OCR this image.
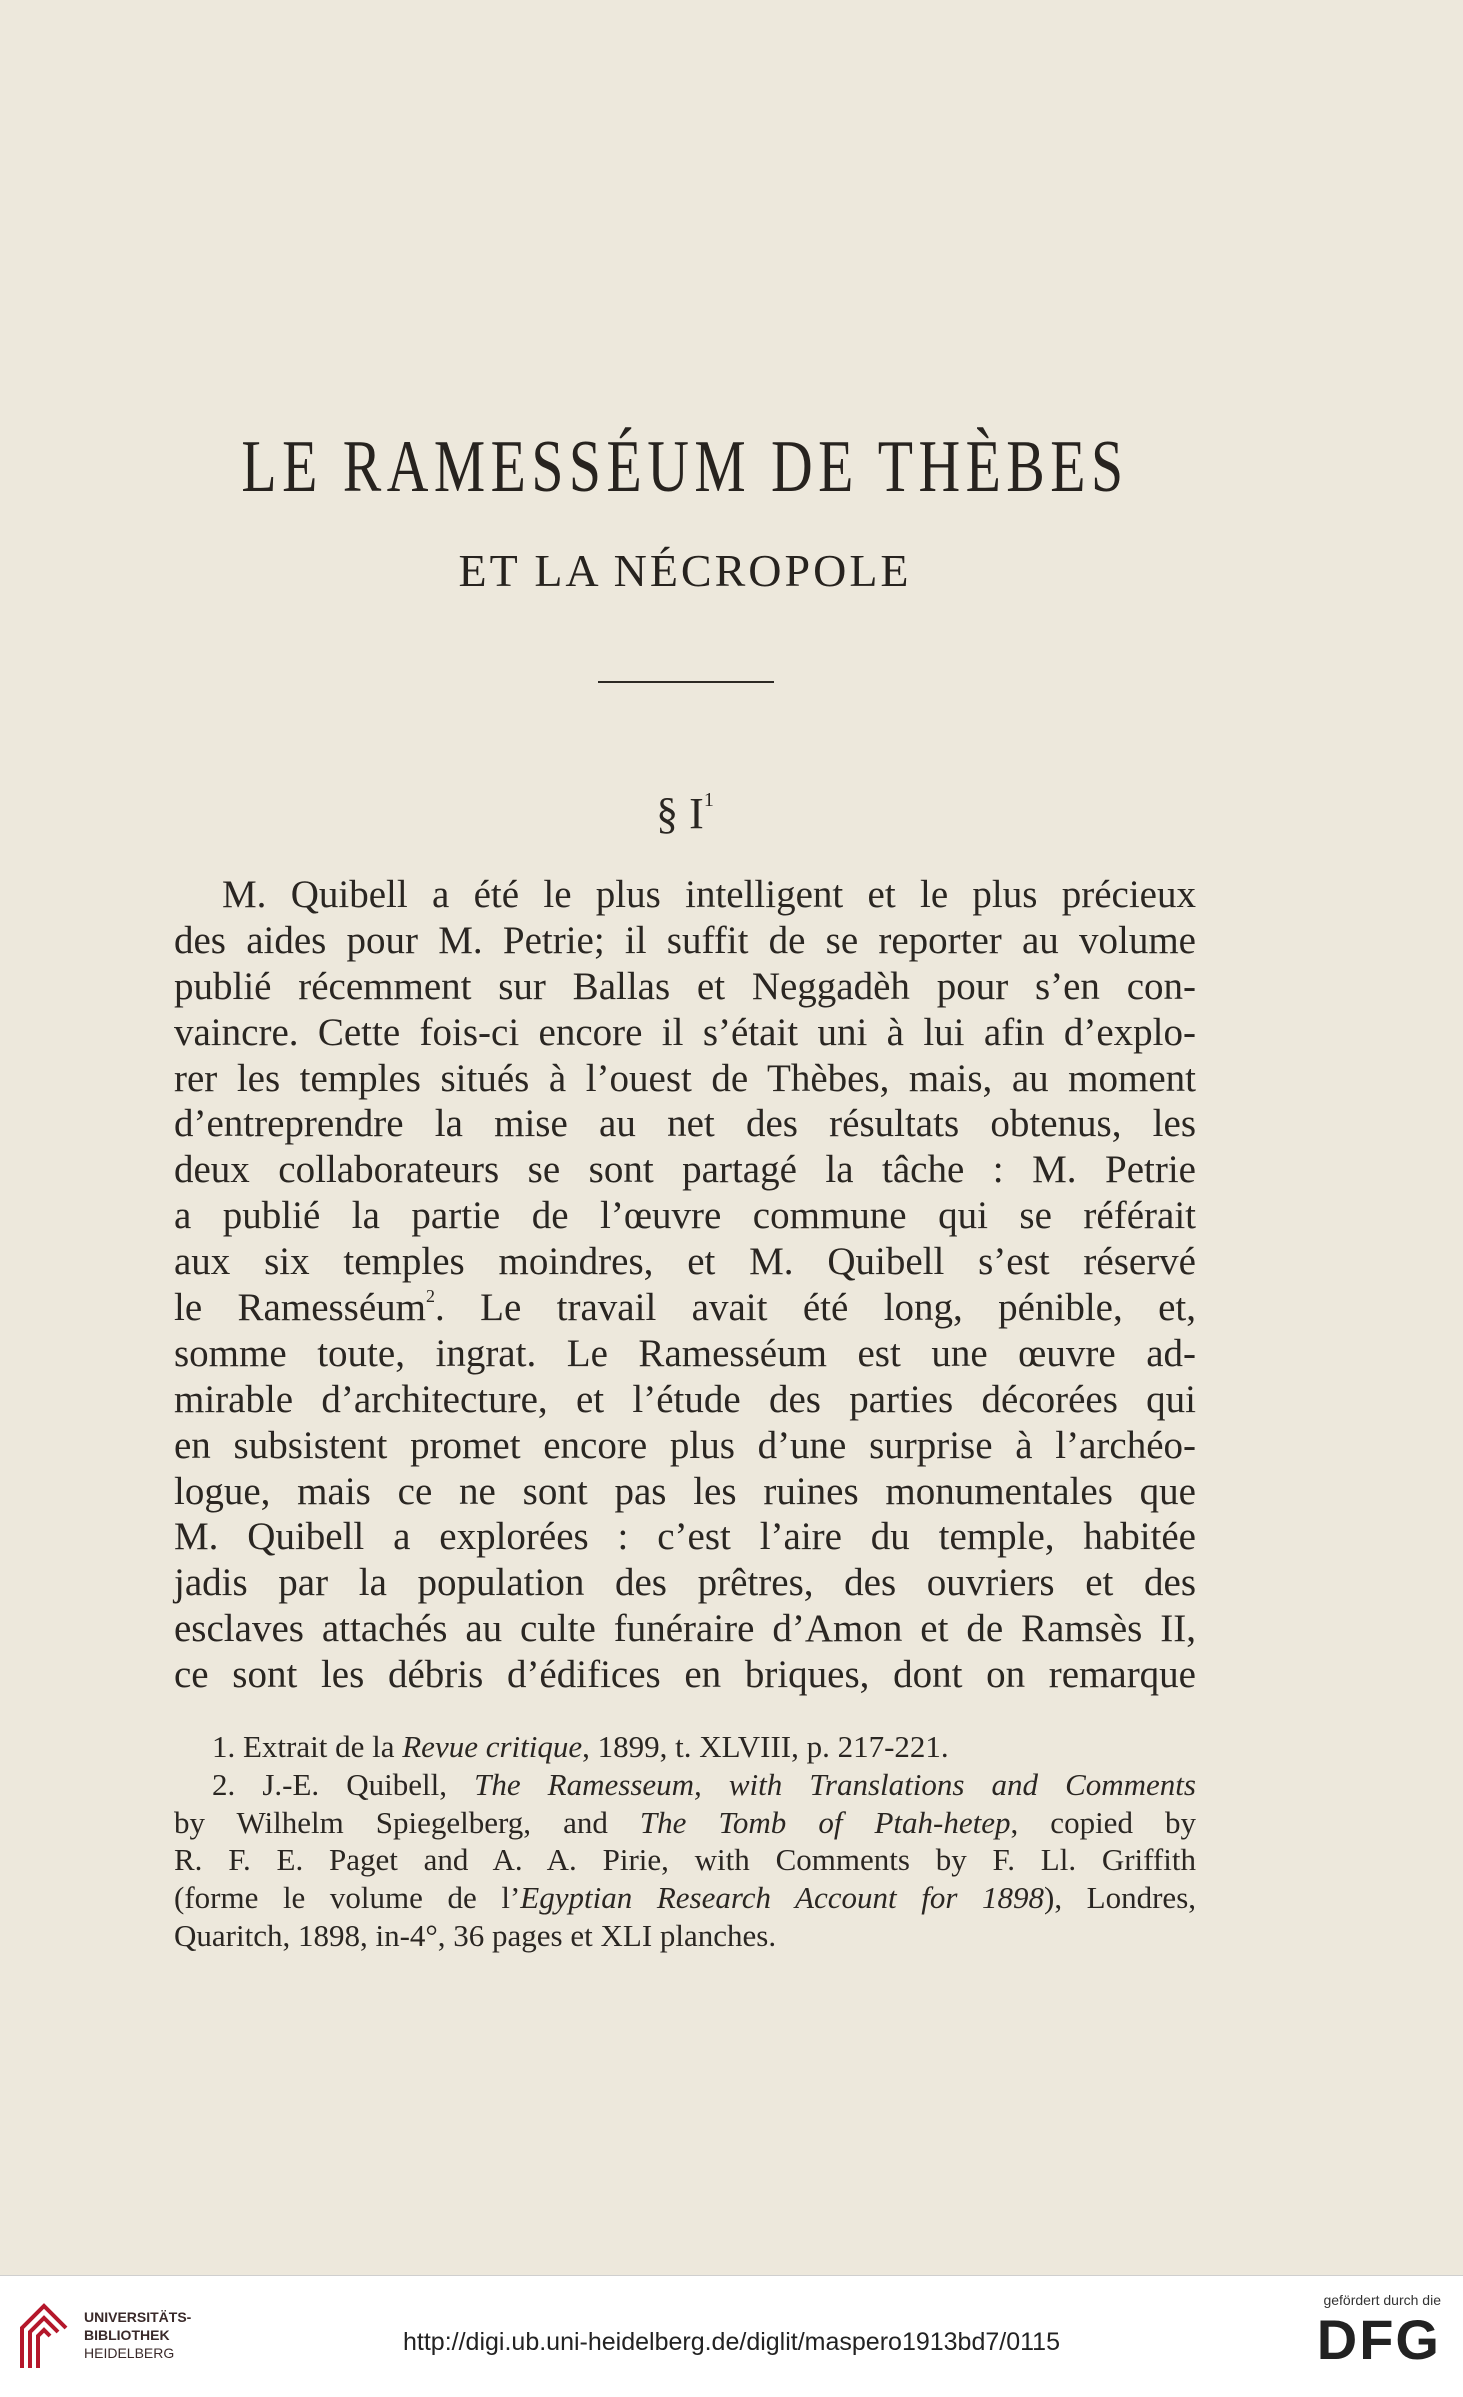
LE RAMESSÉUM DE THÈBES
ET LA NÉCROPOLE
§ $I^1$
M. Quibell a été le plus intelligent et le plus précieux
des aides pour M. Petrie; il suffit de se reporter au volume
publié récemment sur Ballas et Neggadèh pour s’en con-
vaincre. Cette fois-ci encore il s’était uni à lui afin d’explo-
rer les temples situés à l’ouest de Thèbes, mais, au moment
d’entreprendre la mise au net des résultats obtenus, les
deux collaborateurs se sont partagé la tâche : M. Petrie
a publié la partie de l’œuvre commune qui se référait
aux six temples moindres, et M. Quibell s’est réservé
le Ramesséum$^2$. Le travail avait été long, pénible, et,
somme toute, ingrat. Le Ramesséum est une œuvre ad-
mirable d’architecture, et l’étude des parties décorées qui
en subsistent promet encore plus d’une surprise à l’archéo-
logue, mais ce ne sont pas les ruines monumentales que
M. Quibell a explorées : c’est l’aire du temple, habitée
jadis par la population des prêtres, des ouvriers et des
esclaves attachés au culte funéraire d’Amon et de Ramsès II,
ce sont les débris d’édifices en briques, dont on remarque
1. Extrait de la Revue critique, 1899, t. XLVIII, p. 217-221.
2. J.-E. Quibell, The Ramesseum, with Translations and Comments
by Wilhelm Spiegelberg, and The Tomb of Ptah-hetep, copied by
R. F. E. Paget and A. A. Pirie, with Comments by F. Ll. Griffith
(forme le volume de l’Egyptian Research Account for 1898), Londres,
Quaritch, 1898, in-4°, 36 pages et XLI planches.
UNIVERSITÄTS-
BIBLIOTHEK
HEIDELBERG	http://digi.ub.uni-heidelberg.de/diglit/maspero1913bd7/0115
gefördert durch die
DFG
